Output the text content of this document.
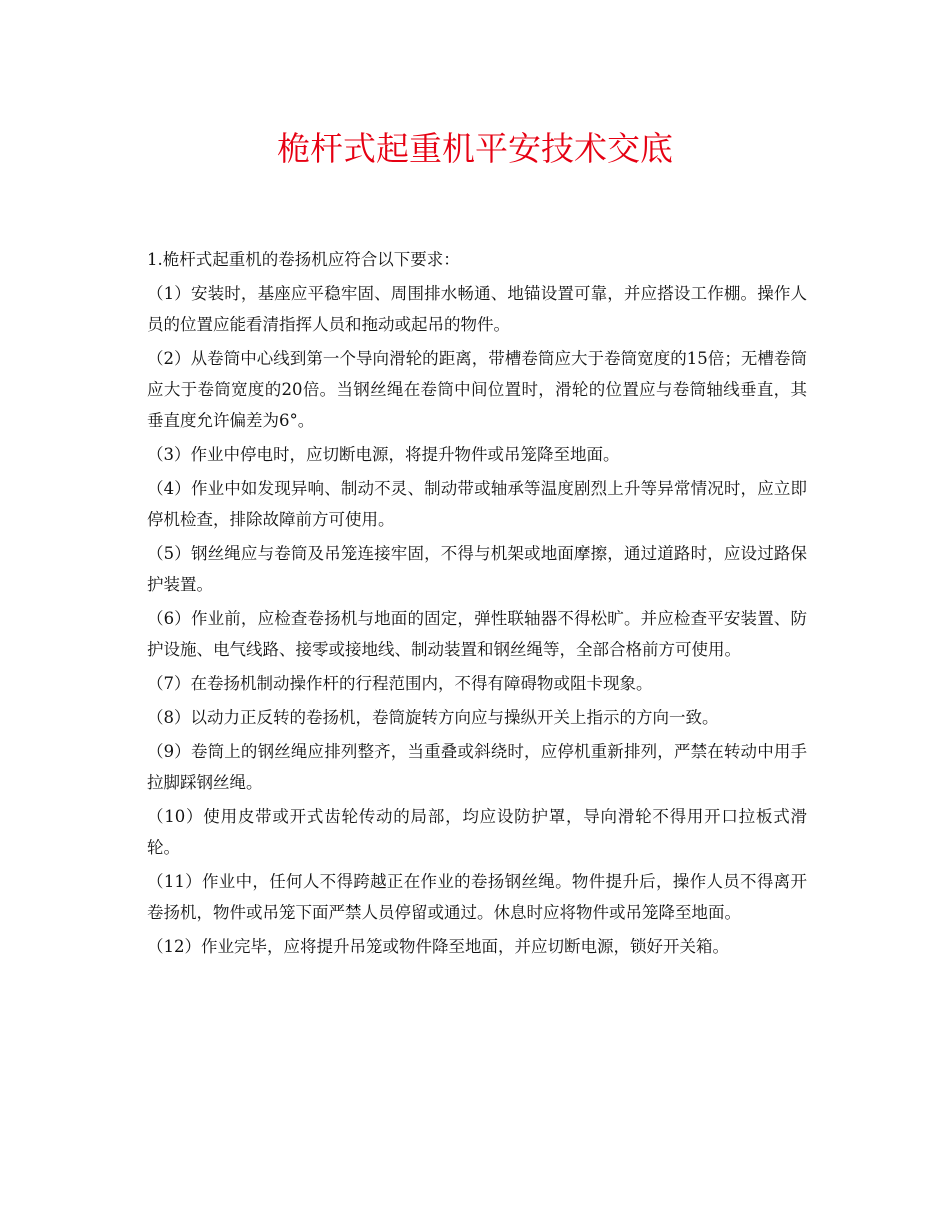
桅杆式起重机平安技术交底

1.桅杆式起重机的卷扬机应符合以下要求：

（1）安装时，基座应平稳牢固、周围排水畅通、地锚设置可靠，并应搭设工作棚。操作人员的位置应能看清指挥人员和拖动或起吊的物件。

（2）从卷筒中心线到第一个导向滑轮的距离，带槽卷筒应大于卷筒宽度的15倍；无槽卷筒应大于卷筒宽度的20倍。当钢丝绳在卷筒中间位置时，滑轮的位置应与卷筒轴线垂直，其垂直度允许偏差为6°。

（3）作业中停电时，应切断电源，将提升物件或吊笼降至地面。

（4）作业中如发现异响、制动不灵、制动带或轴承等温度剧烈上升等异常情况时，应立即停机检查，排除故障前方可使用。

（5）钢丝绳应与卷筒及吊笼连接牢固，不得与机架或地面摩擦，通过道路时，应设过路保护装置。

（6）作业前，应检查卷扬机与地面的固定，弹性联轴器不得松旷。并应检查平安装置、防护设施、电气线路、接零或接地线、制动装置和钢丝绳等，全部合格前方可使用。

（7）在卷扬机制动操作杆的行程范围内，不得有障碍物或阻卡现象。

（8）以动力正反转的卷扬机，卷筒旋转方向应与操纵开关上指示的方向一致。

（9）卷筒上的钢丝绳应排列整齐，当重叠或斜绕时，应停机重新排列，严禁在转动中用手拉脚踩钢丝绳。

（10）使用皮带或开式齿轮传动的局部，均应设防护罩，导向滑轮不得用开口拉板式滑轮。

（11）作业中，任何人不得跨越正在作业的卷扬钢丝绳。物件提升后，操作人员不得离开卷扬机，物件或吊笼下面严禁人员停留或通过。休息时应将物件或吊笼降至地面。

（12）作业完毕，应将提升吊笼或物件降至地面，并应切断电源，锁好开关箱。
